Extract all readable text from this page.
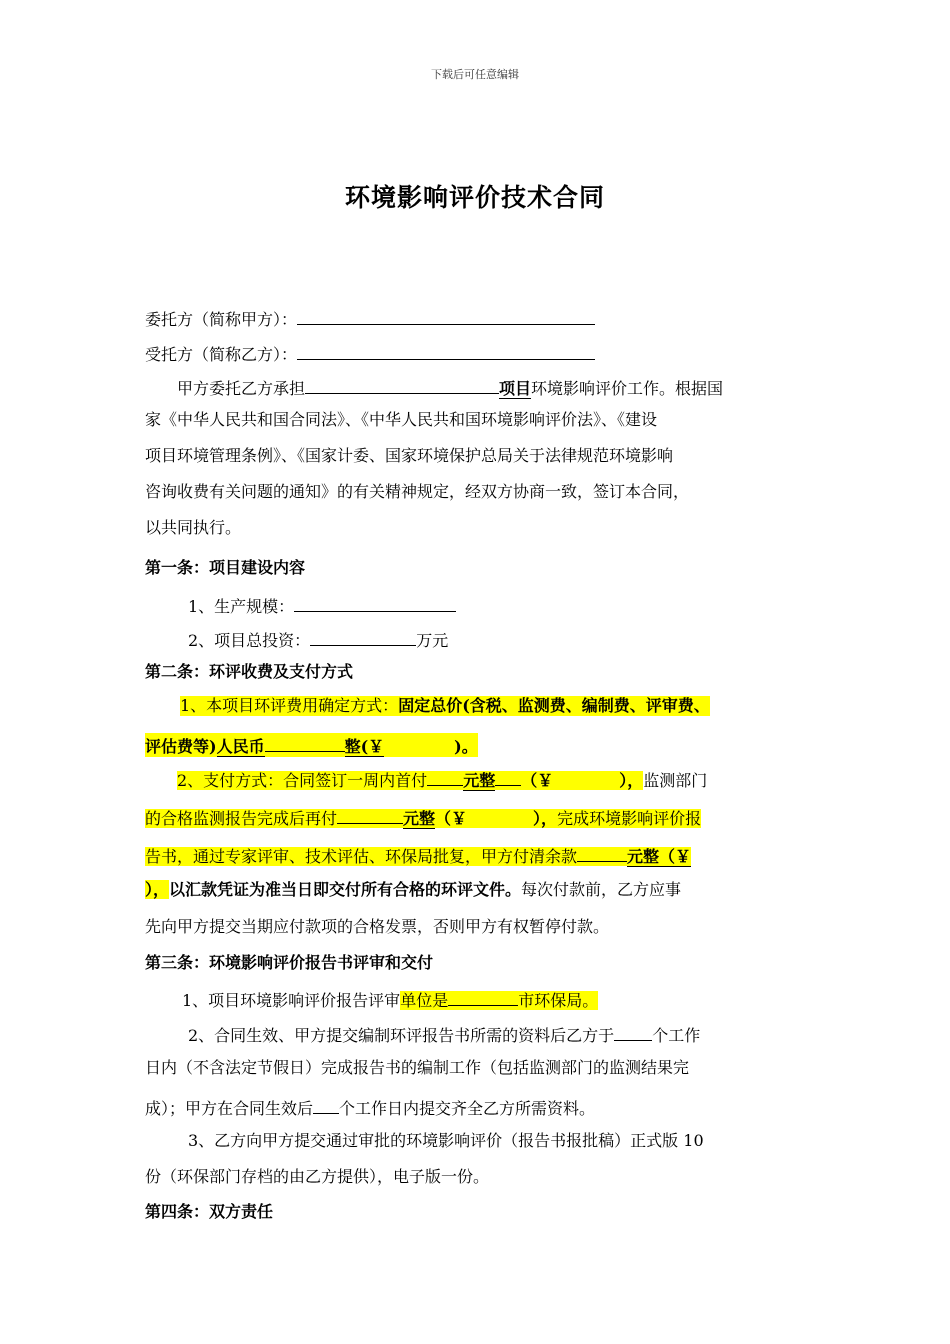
下载后可任意编辑
环境影响评价技术合同
委托方（简称甲方）：
受托方（简称乙方）：
甲方委托乙方承担	项目环境影响评价工作。根据国
家《中华人民共和国合同法》、《中华人民共和国环境影响评价法》、《建设
项目环境管理条例》、《国家计委、国家环境保护总局关于法律规范环境影响
咨询收费有关问题的通知》的有关精神规定，经双方协商一致，签订本合同，
以共同执行。
第一条：项目建设内容
1、生产规模：
2、项目总投资：	万元
第二条：环评收费及支付方式
1、本项目环评费用确定方式：固定总价(含税、监测费、编制费、评审费、
评估费等)人民币	整(￥	)。
2、支付方式：合同签订一周内首付 元整 （￥	），监测部门
的合格监测报告完成后再付	元整（￥	），完成环境影响评价报
告书，通过专家评审、技术评估、环保局批复，甲方付清余款	元整（￥
），以汇款凭证为准当日即交付所有合格的环评文件。每次付款前，乙方应事
先向甲方提交当期应付款项的合格发票，否则甲方有权暂停付款。
第三条：环境影响评价报告书评审和交付
1、项目环境影响评价报告评审单位是	市环保局。
2、合同生效、甲方提交编制环评报告书所需的资料后乙方于 个工作
日内（不含法定节假日）完成报告书的编制工作（包括监测部门的监测结果完
成）；甲方在合同生效后 个工作日内提交齐全乙方所需资料。
3、乙方向甲方提交通过审批的环境影响评价（报告书报批稿）正式版 10
份（环保部门存档的由乙方提供），电子版一份。
第四条：双方责任
